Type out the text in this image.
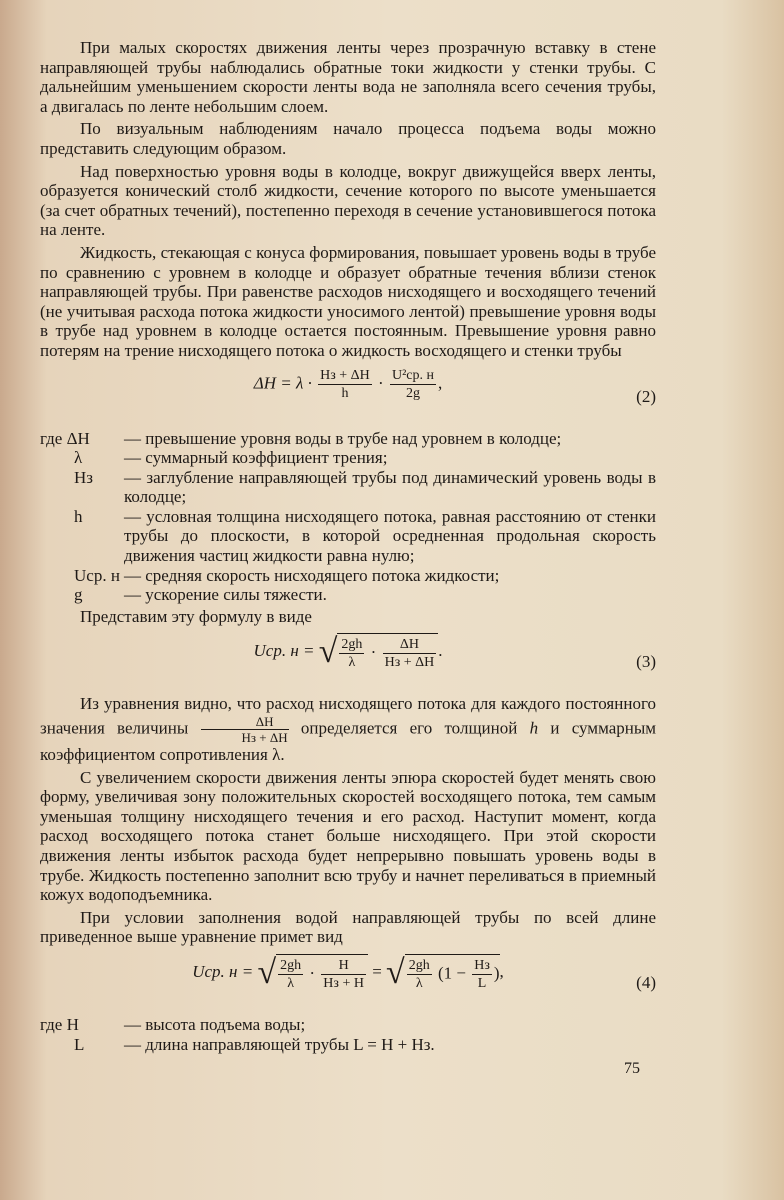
При малых скоростях движения ленты через прозрачную вставку в стене направляющей трубы наблюдались обратные токи жидкости у стенки трубы. С дальнейшим уменьшением скорости ленты вода не заполняла всего сечения трубы, а двигалась по ленте небольшим слоем.

По визуальным наблюдениям начало процесса подъема воды можно представить следующим образом.

Над поверхностью уровня воды в колодце, вокруг движущейся вверх ленты, образуется конический столб жидкости, сечение которого по высоте уменьшается (за счет обратных течений), постепенно переходя в сечение установившегося потока на ленте.

Жидкость, стекающая с конуса формирования, повышает уровень воды в трубе по сравнению с уровнем в колодце и образует обратные течения вблизи стенок направляющей трубы. При равенстве расходов нисходящего и восходящего течений (не учитывая расхода потока жидкости уносимого лентой) превышение уровня воды в трубе над уровнем в колодце остается постоянным. Превышение уровня равно потерям на трение нисходящего потока о жидкость восходящего и стенки трубы

$\Delta H = \lambda \cdot \frac{Hз + \Delta H}{h} \cdot \frac{\text{U²ср. н}}{2g}$ ,
(2)
где ΔH	— превышение уровня воды в трубе над уровнем в колодце;
λ	— суммарный коэффициент трения;
Hз	— заглубление направляющей трубы под динамический уровень воды в колодце;
h	— условная толщина нисходящего потока, равная расстоянию от стенки трубы до плоскости, в которой осредненная продольная скорость движения частиц жидкости равна нулю;
Uср. н — средняя скорость нисходящего потока жидкости;
g	— ускорение силы тяжести.

Представим эту формулу в виде

Uср. н = √ $\frac{2gh}{\lambda} \cdot \frac{\Delta H}{Hз + \Delta H}$ .
(3)

Из уравнения видно, что расход нисходящего потока для каждого постоянного значения величины $\frac{\Delta H}{Hз + \Delta H}$ определяется его толщиной h и суммарным коэффициентом сопротивления λ.

С увеличением скорости движения ленты эпюра скоростей будет менять свою форму, увеличивая зону положительных скоростей восходящего потока, тем самым уменьшая толщину нисходящего течения и его расход. Наступит момент, когда расход восходящего потока станет больше нисходящего. При этой скорости движения ленты избыток расхода будет непрерывно повышать уровень воды в трубе. Жидкость постепенно заполнит всю трубу и начнет переливаться в приемный кожух водоподъемника.

При условии заполнения водой направляющей трубы по всей длине приведенное выше уравнение примет вид

Uср. н = √ $\frac{2gh}{\lambda} \cdot \frac{H}{Hз + H}$ = √ $\frac{2gh}{\lambda} (1 - \frac{Hз}{L}$ ),
(4)
где H	— высота подъема воды;
L	— длина направляющей трубы L = H + Hз.
75
